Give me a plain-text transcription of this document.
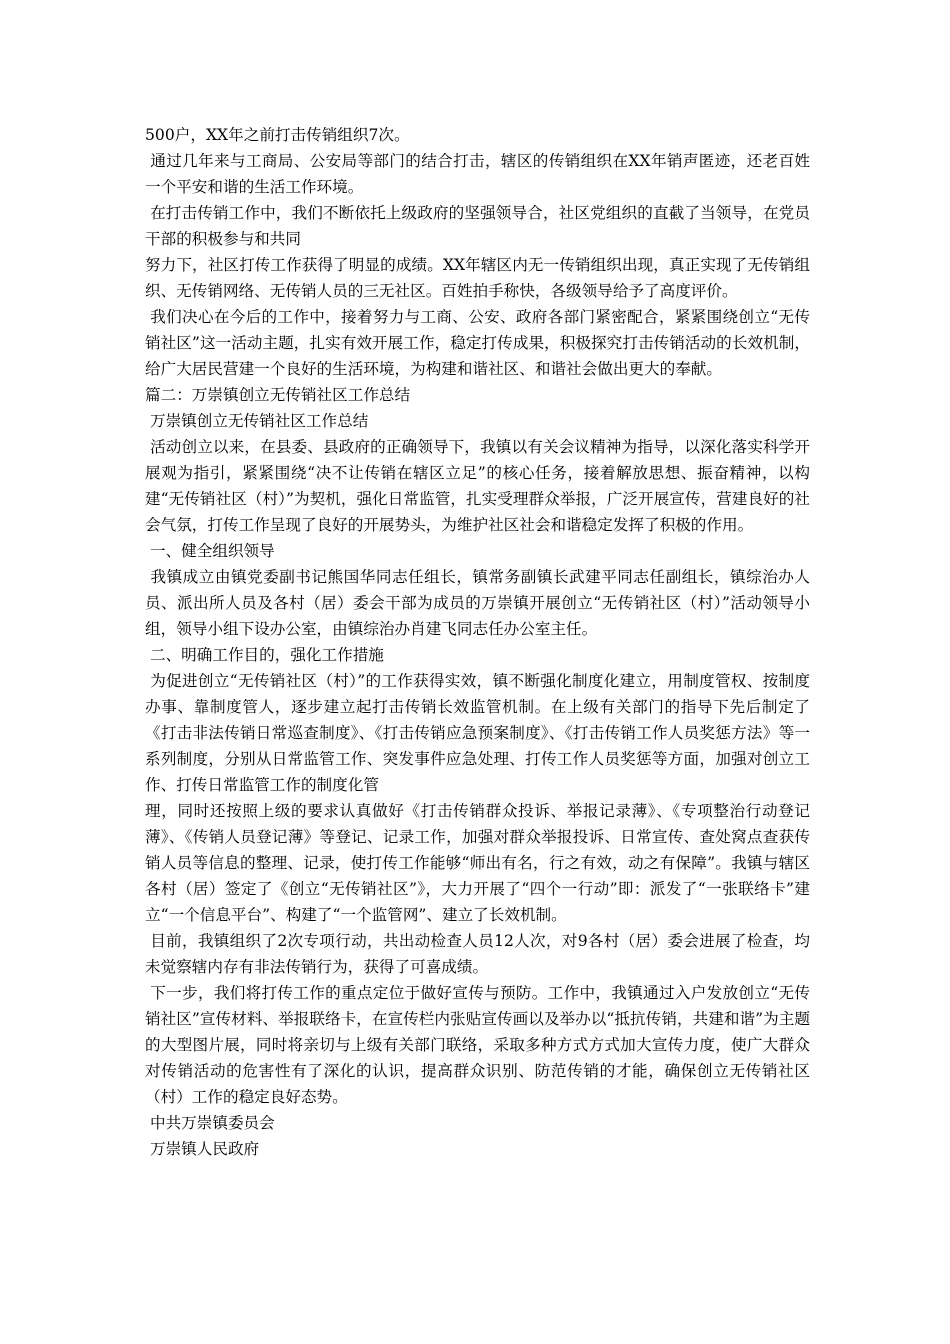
500户，XX年之前打击传销组织7次。

通过几年来与工商局、公安局等部门的结合打击，辖区的传销组织在XX年销声匿迹，还老百姓一个平安和谐的生活工作环境。

在打击传销工作中，我们不断依托上级政府的坚强领导合，社区党组织的直截了当领导，在党员干部的积极参与和共同

努力下，社区打传工作获得了明显的成绩。XX年辖区内无一传销组织出现，真正实现了无传销组织、无传销网络、无传销人员的三无社区。百姓拍手称快，各级领导给予了高度评价。

我们决心在今后的工作中，接着努力与工商、公安、政府各部门紧密配合，紧紧围绕创立“无传销社区”这一活动主题，扎实有效开展工作，稳定打传成果，积极探究打击传销活动的长效机制，给广大居民营建一个良好的生活环境，为构建和谐社区、和谐社会做出更大的奉献。

篇二：万崇镇创立无传销社区工作总结

万崇镇创立无传销社区工作总结

活动创立以来，在县委、县政府的正确领导下，我镇以有关会议精神为指导，以深化落实科学开展观为指引，紧紧围绕“决不让传销在辖区立足”的核心任务，接着解放思想、振奋精神，以构建“无传销社区（村）”为契机，强化日常监管，扎实受理群众举报，广泛开展宣传，营建良好的社会气氛，打传工作呈现了良好的开展势头，为维护社区社会和谐稳定发挥了积极的作用。

一、健全组织领导

我镇成立由镇党委副书记熊国华同志任组长，镇常务副镇长武建平同志任副组长，镇综治办人员、派出所人员及各村（居）委会干部为成员的万崇镇开展创立“无传销社区（村）”活动领导小组，领导小组下设办公室，由镇综治办肖建飞同志任办公室主任。

二、明确工作目的，强化工作措施

为促进创立“无传销社区（村）”的工作获得实效，镇不断强化制度化建立，用制度管权、按制度办事、靠制度管人，逐步建立起打击传销长效监管机制。在上级有关部门的指导下先后制定了《打击非法传销日常巡查制度》、《打击传销应急预案制度》、《打击传销工作人员奖惩方法》等一系列制度，分别从日常监管工作、突发事件应急处理、打传工作人员奖惩等方面，加强对创立工作、打传日常监管工作的制度化管

理，同时还按照上级的要求认真做好《打击传销群众投诉、举报记录薄》、《专项整治行动登记薄》、《传销人员登记薄》等登记、记录工作，加强对群众举报投诉、日常宣传、查处窝点查获传销人员等信息的整理、记录，使打传工作能够“师出有名，行之有效，动之有保障”。我镇与辖区各村（居）签定了《创立“无传销社区”》，大力开展了“四个一行动”即：派发了“一张联络卡”建立“一个信息平台”、构建了“一个监管网”、建立了长效机制。

目前，我镇组织了2次专项行动，共出动检查人员12人次，对9各村（居）委会进展了检查，均未觉察辖内存有非法传销行为，获得了可喜成绩。

下一步，我们将打传工作的重点定位于做好宣传与预防。工作中，我镇通过入户发放创立“无传销社区”宣传材料、举报联络卡，在宣传栏内张贴宣传画以及举办以“抵抗传销，共建和谐”为主题的大型图片展，同时将亲切与上级有关部门联络，采取多种方式方式加大宣传力度，使广大群众对传销活动的危害性有了深化的认识，提高群众识别、防范传销的才能，确保创立无传销社区（村）工作的稳定良好态势。

中共万崇镇委员会

万崇镇人民政府
